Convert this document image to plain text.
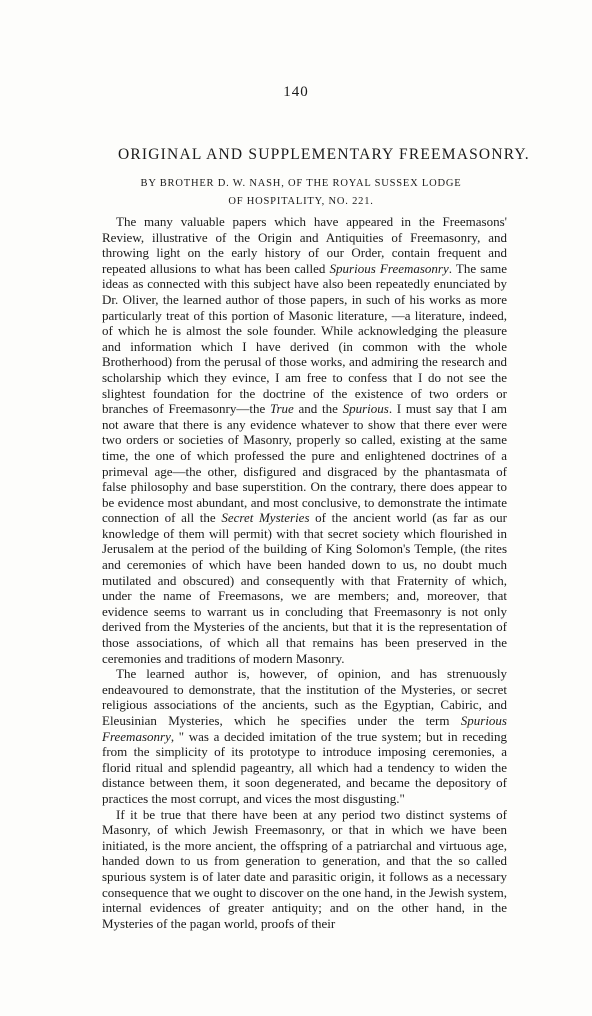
140
ORIGINAL AND SUPPLEMENTARY FREEMASONRY.
BY BROTHER D. W. NASH, OF THE ROYAL SUSSEX LODGE
OF HOSPITALITY, NO. 221.

The many valuable papers which have appeared in the Freemasons' Review, illustrative of the Origin and Antiquities of Freemasonry, and throwing light on the early history of our Order, contain frequent and repeated allusions to what has been called Spurious Freemasonry. The same ideas as connected with this subject have also been repeatedly enunciated by Dr. Oliver, the learned author of those papers, in such of his works as more particularly treat of this portion of Masonic literature, —a literature, indeed, of which he is almost the sole founder. While acknowledging the pleasure and information which I have derived (in common with the whole Brotherhood) from the perusal of those works, and admiring the research and scholarship which they evince, I am free to confess that I do not see the slightest foundation for the doctrine of the existence of two orders or branches of Freemasonry—the True and the Spurious. I must say that I am not aware that there is any evidence whatever to show that there ever were two orders or societies of Masonry, properly so called, existing at the same time, the one of which professed the pure and enlightened doctrines of a primeval age—the other, disfigured and disgraced by the phantasmata of false philosophy and base superstition. On the contrary, there does appear to be evidence most abundant, and most conclusive, to demonstrate the intimate connection of all the Secret Mysteries of the ancient world (as far as our knowledge of them will permit) with that secret society which flourished in Jerusalem at the period of the building of King Solomon's Temple, (the rites and ceremonies of which have been handed down to us, no doubt much mutilated and obscured) and consequently with that Fraternity of which, under the name of Freemasons, we are members; and, moreover, that evidence seems to warrant us in concluding that Freemasonry is not only derived from the Mysteries of the ancients, but that it is the representation of those associations, of which all that remains has been preserved in the ceremonies and traditions of modern Masonry.

The learned author is, however, of opinion, and has strenuously endeavoured to demonstrate, that the institution of the Mysteries, or secret religious associations of the ancients, such as the Egyptian, Cabiric, and Eleusinian Mysteries, which he specifies under the term Spurious Freemasonry, " was a decided imitation of the true system; but in receding from the simplicity of its prototype to introduce imposing ceremonies, a florid ritual and splendid pageantry, all which had a tendency to widen the distance between them, it soon degenerated, and became the depository of practices the most corrupt, and vices the most disgusting."

If it be true that there have been at any period two distinct systems of Masonry, of which Jewish Freemasonry, or that in which we have been initiated, is the more ancient, the offspring of a patriarchal and virtuous age, handed down to us from generation to generation, and that the so called spurious system is of later date and parasitic origin, it follows as a necessary consequence that we ought to discover on the one hand, in the Jewish system, internal evidences of greater antiquity; and on the other hand, in the Mysteries of the pagan world, proofs of their
